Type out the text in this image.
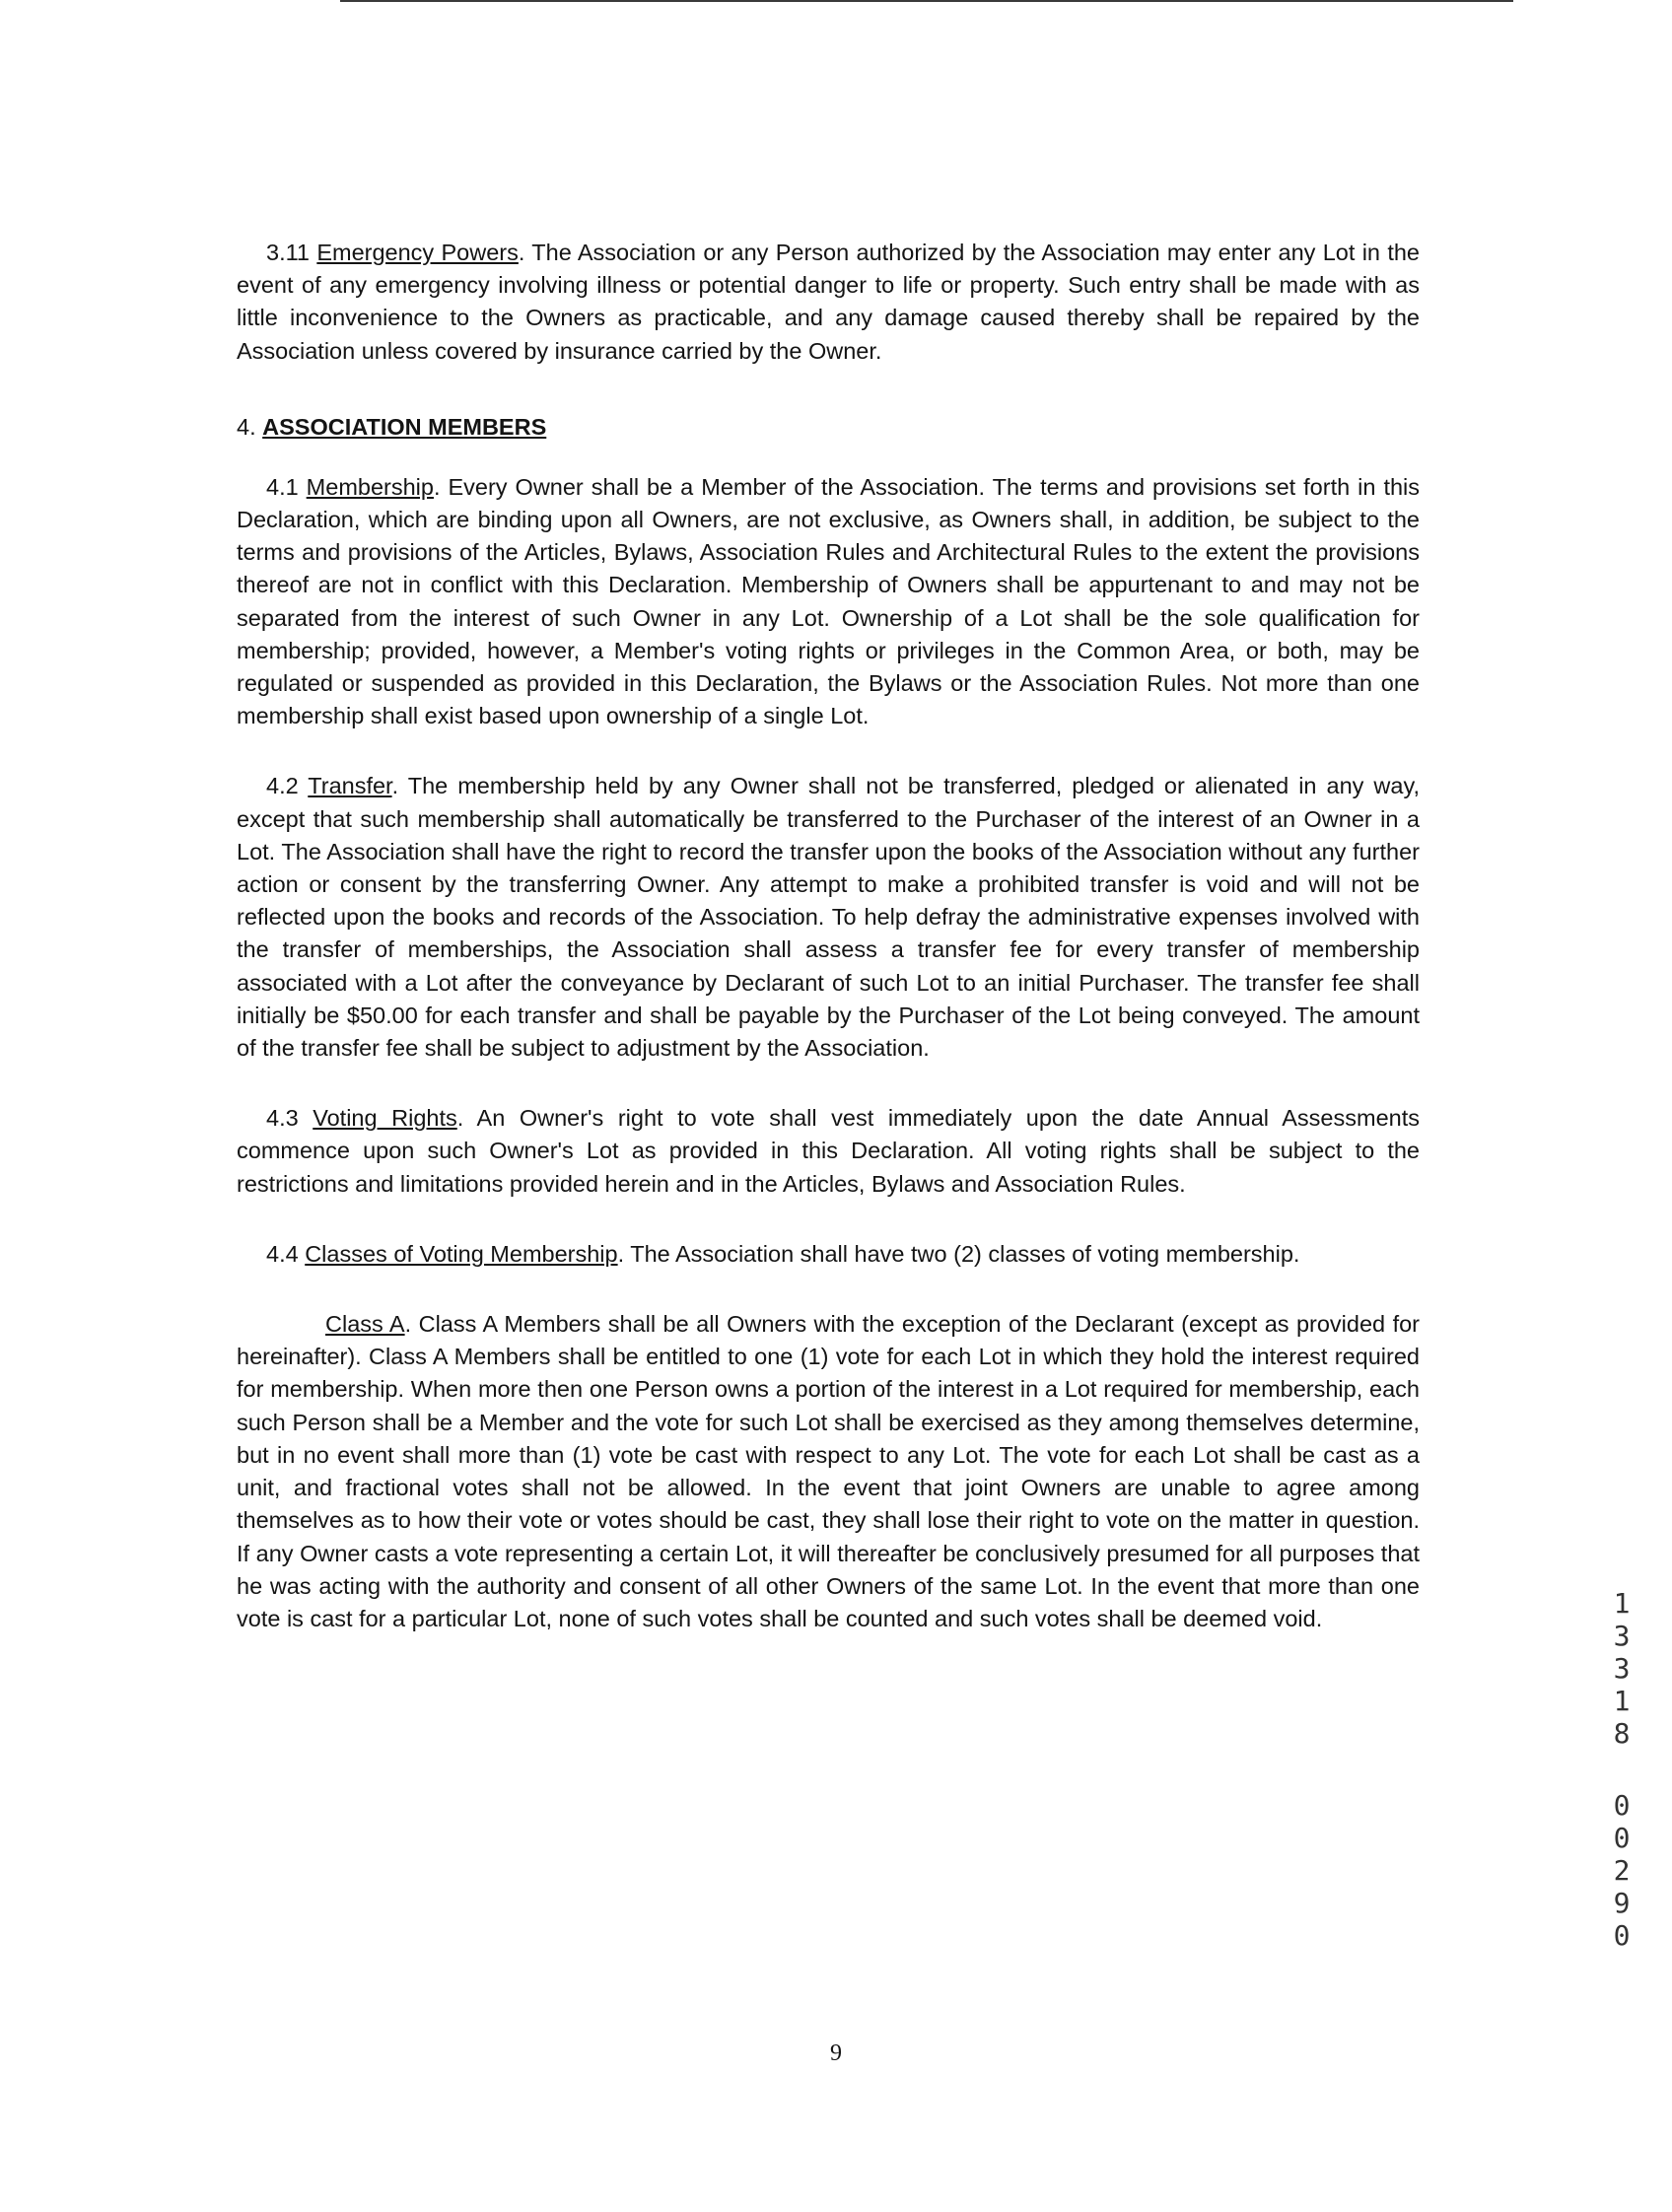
3.11 Emergency Powers. The Association or any Person authorized by the Association may enter any Lot in the event of any emergency involving illness or potential danger to life or property. Such entry shall be made with as little inconvenience to the Owners as practicable, and any damage caused thereby shall be repaired by the Association unless covered by insurance carried by the Owner.

4. ASSOCIATION MEMBERS

4.1 Membership. Every Owner shall be a Member of the Association. The terms and provisions set forth in this Declaration, which are binding upon all Owners, are not exclusive, as Owners shall, in addition, be subject to the terms and provisions of the Articles, Bylaws, Association Rules and Architectural Rules to the extent the provisions thereof are not in conflict with this Declaration. Membership of Owners shall be appurtenant to and may not be separated from the interest of such Owner in any Lot. Ownership of a Lot shall be the sole qualification for membership; provided, however, a Member's voting rights or privileges in the Common Area, or both, may be regulated or suspended as provided in this Declaration, the Bylaws or the Association Rules. Not more than one membership shall exist based upon ownership of a single Lot.

4.2 Transfer. The membership held by any Owner shall not be transferred, pledged or alienated in any way, except that such membership shall automatically be transferred to the Purchaser of the interest of an Owner in a Lot. The Association shall have the right to record the transfer upon the books of the Association without any further action or consent by the transferring Owner. Any attempt to make a prohibited transfer is void and will not be reflected upon the books and records of the Association. To help defray the administrative expenses involved with the transfer of memberships, the Association shall assess a transfer fee for every transfer of membership associated with a Lot after the conveyance by Declarant of such Lot to an initial Purchaser. The transfer fee shall initially be $50.00 for each transfer and shall be payable by the Purchaser of the Lot being conveyed. The amount of the transfer fee shall be subject to adjustment by the Association.

4.3 Voting Rights. An Owner's right to vote shall vest immediately upon the date Annual Assessments commence upon such Owner's Lot as provided in this Declaration. All voting rights shall be subject to the restrictions and limitations provided herein and in the Articles, Bylaws and Association Rules.

4.4 Classes of Voting Membership. The Association shall have two (2) classes of voting membership.

Class A. Class A Members shall be all Owners with the exception of the Declarant (except as provided for hereinafter). Class A Members shall be entitled to one (1) vote for each Lot in which they hold the interest required for membership. When more then one Person owns a portion of the interest in a Lot required for membership, each such Person shall be a Member and the vote for such Lot shall be exercised as they among themselves determine, but in no event shall more than (1) vote be cast with respect to any Lot. The vote for each Lot shall be cast as a unit, and fractional votes shall not be allowed. In the event that joint Owners are unable to agree among themselves as to how their vote or votes should be cast, they shall lose their right to vote on the matter in question. If any Owner casts a vote representing a certain Lot, it will thereafter be conclusively presumed for all purposes that he was acting with the authority and consent of all other Owners of the same Lot. In the event that more than one vote is cast for a particular Lot, none of such votes shall be counted and such votes shall be deemed void.

9
1
3
3
1
8
0
0
2
9
0
